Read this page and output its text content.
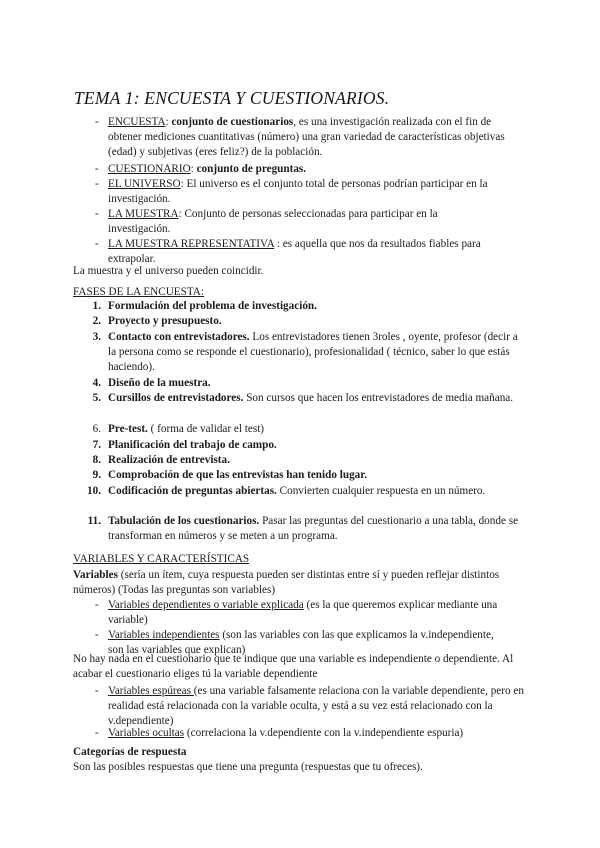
TEMA 1: ENCUESTA Y CUESTIONARIOS.
- ENCUESTA: conjunto de cuestionarios, es una investigación realizada con el fin de obtener mediciones cuantitativas (número) una gran variedad de características objetivas (edad) y subjetivas (eres feliz?) de la población.
- CUESTIONARIO: conjunto de preguntas.
- EL UNIVERSO: El universo es el conjunto total de personas podrían participar en la investigación.
- LA MUESTRA: Conjunto de personas seleccionadas para participar en la investigación.
- LA MUESTRA REPRESENTATIVA : es aquella que nos da resultados fiables para extrapolar.
La muestra y el universo pueden coincidir.
FASES DE LA ENCUESTA:
1. Formulación del problema de investigación.
2. Proyecto y presupuesto.
3. Contacto con entrevistadores. Los entrevistadores tienen 3roles , oyente, profesor (decir a la persona como se responde el cuestionario), profesionalidad ( técnico, saber lo que estás haciendo).
4. Diseño de la muestra.
5. Cursillos de entrevistadores. Son cursos que hacen los entrevistadores de media mañana.
6. Pre-test. ( forma de validar el test)
7. Planificación del trabajo de campo.
8. Realización de entrevista.
9. Comprobación de que las entrevistas han tenido lugar.
10. Codificación de preguntas abiertas. Convierten cualquier respuesta en un número.
11. Tabulación de los cuestionarios. Pasar las preguntas del cuestionario a una tabla, donde se transforman en números y se meten a un programa.
VARIABLES Y CARACTERÍSTICAS
Variables (sería un ítem, cuya respuesta pueden ser distintas entre sí y pueden reflejar distintos números) (Todas las preguntas son variables)
- Variables dependientes o variable explicada (es la que queremos explicar mediante una variable)
- Variables independientes (son las variables con las que explicamos la v.independiente, son las variables que explican)
No hay nada en el cuestionario que te indique que una variable es independiente o dependiente. Al acabar el cuestionario eliges tú la variable dependiente
- Variables espúreas (es una variable falsamente relaciona con la variable dependiente, pero en realidad está relacionada con la variable oculta, y está a su vez está relacionado con la v.dependiente)
- Variables ocultas (correlaciona la v.dependiente con la v.independiente espuria)
Categorías de respuesta
Son las posibles respuestas que tiene una pregunta (respuestas que tu ofreces).
